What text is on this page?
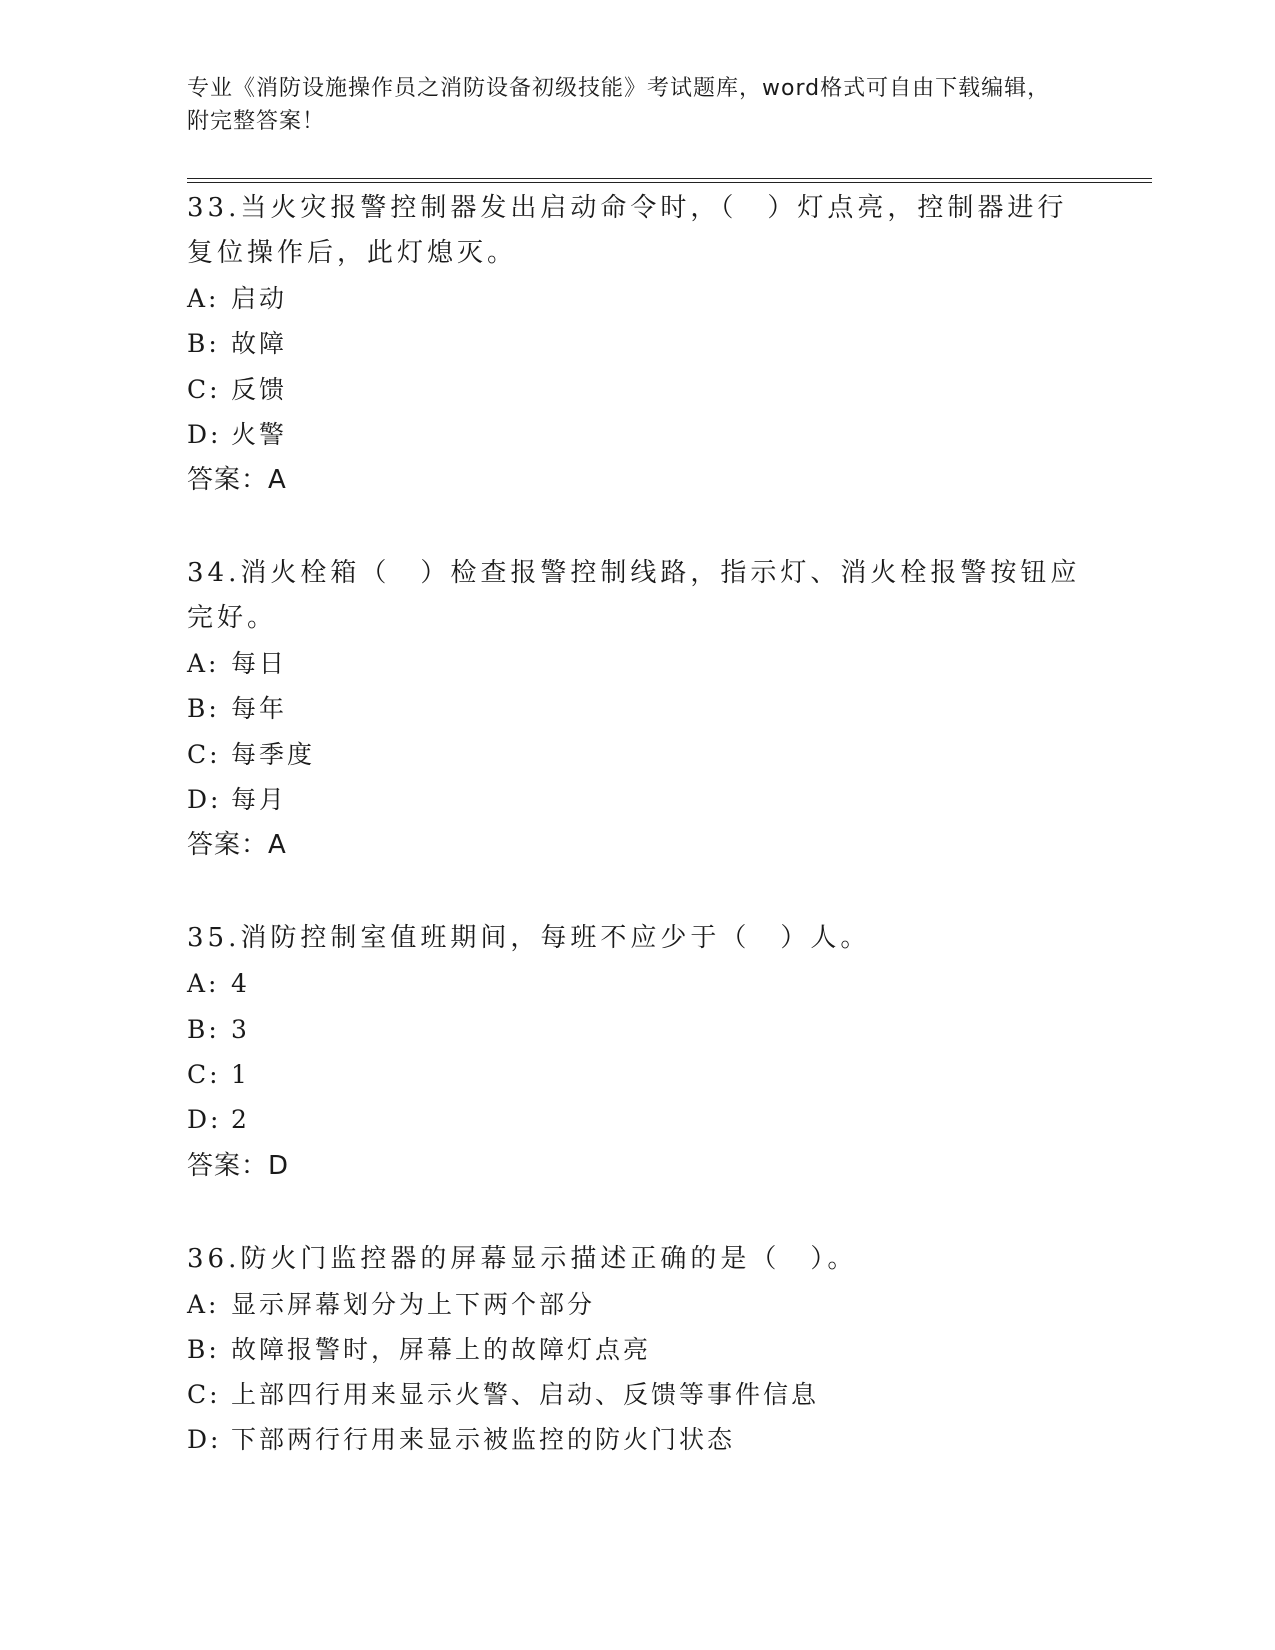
专业《消防设施操作员之消防设备初级技能》考试题库，word格式可自由下载编辑，附完整答案！

33.当火灾报警控制器发出启动命令时，（　）灯点亮，控制器进行复位操作后，此灯熄灭。

A: 启动
B: 故障
C: 反馈
D: 火警
答案： A

34.消火栓箱（　）检查报警控制线路，指示灯、消火栓报警按钮应完好。

A: 每日
B: 每年
C: 每季度
D: 每月
答案： A

35.消防控制室值班期间，每班不应少于（　）人。

A: 4
B: 3
C: 1
D: 2
答案： D

36.防火门监控器的屏幕显示描述正确的是（　）。

A: 显示屏幕划分为上下两个部分
B: 故障报警时，屏幕上的故障灯点亮
C: 上部四行用来显示火警、启动、反馈等事件信息
D: 下部两行行用来显示被监控的防火门状态
